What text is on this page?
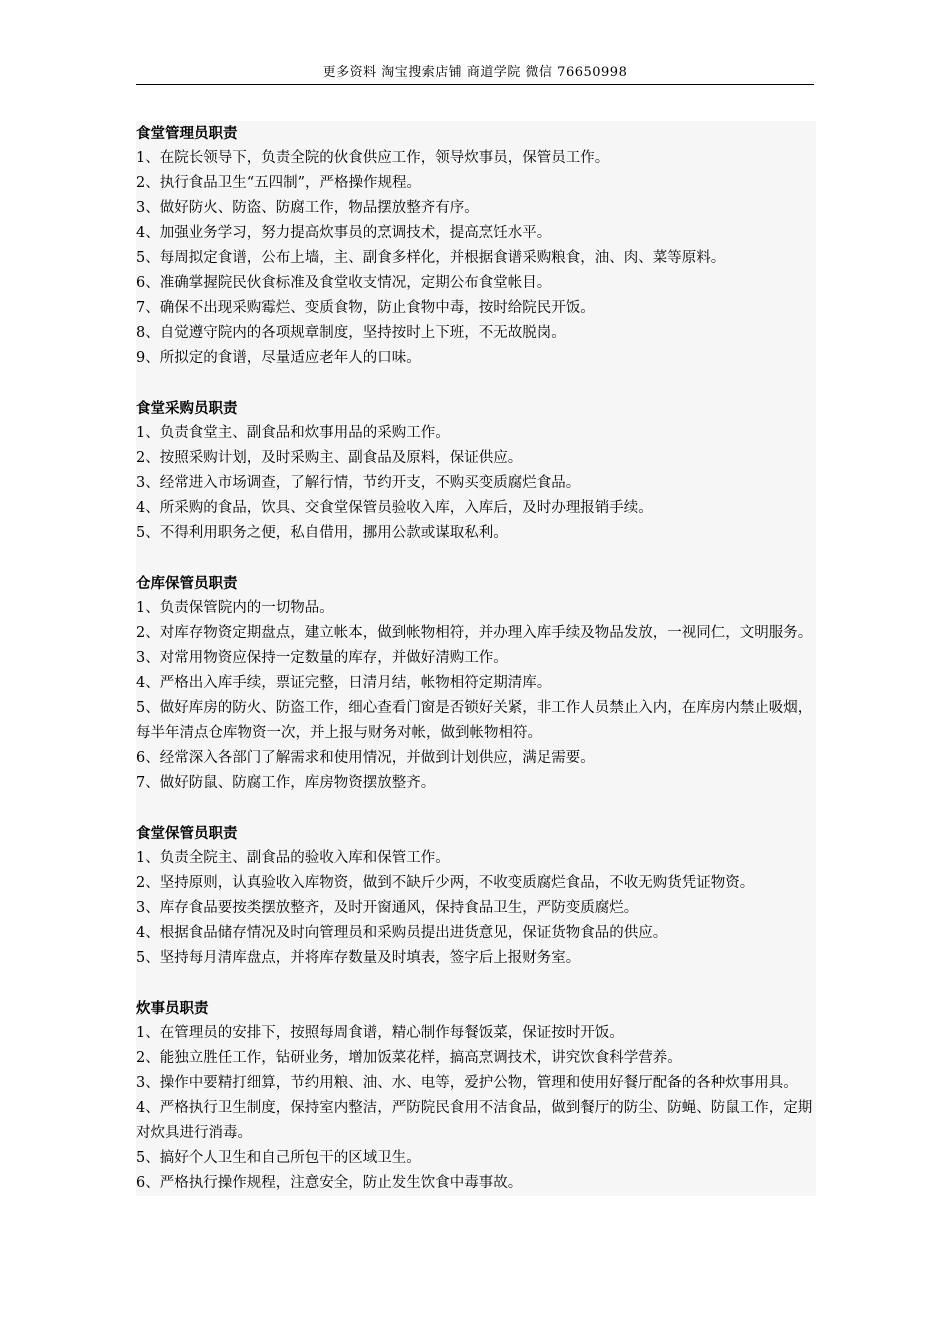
更多资料 淘宝搜索店铺 商道学院 微信 76650998
食堂管理员职责
1、在院长领导下，负责全院的伙食供应工作，领导炊事员，保管员工作。
2、执行食品卫生“五四制”，严格操作规程。
3、做好防火、防盗、防腐工作，物品摆放整齐有序。
4、加强业务学习，努力提高炊事员的烹调技术，提高烹饪水平。
5、每周拟定食谱，公布上墙，主、副食多样化，并根据食谱采购粮食，油、肉、菜等原料。
6、准确掌握院民伙食标准及食堂收支情况，定期公布食堂帐目。
7、确保不出现采购霉烂、变质食物，防止食物中毒，按时给院民开饭。
8、自觉遵守院内的各项规章制度，坚持按时上下班，不无故脱岗。
9、所拟定的食谱，尽量适应老年人的口味。
食堂采购员职责
1、负责食堂主、副食品和炊事用品的采购工作。
2、按照采购计划，及时采购主、副食品及原料，保证供应。
3、经常进入市场调查，了解行情，节约开支，不购买变质腐烂食品。
4、所采购的食品，饮具、交食堂保管员验收入库，入库后，及时办理报销手续。
5、不得利用职务之便，私自借用，挪用公款或谋取私利。
仓库保管员职责
1、负责保管院内的一切物品。
2、对库存物资定期盘点，建立帐本，做到帐物相符，并办理入库手续及物品发放，一视同仁，文明服务。
3、对常用物资应保持一定数量的库存，并做好清购工作。
4、严格出入库手续，票证完整，日清月结，帐物相符定期清库。
5、做好库房的防火、防盗工作，细心查看门窗是否锁好关紧，非工作人员禁止入内，在库房内禁止吸烟，每半年清点仓库物资一次，并上报与财务对帐，做到帐物相符。
6、经常深入各部门了解需求和使用情况，并做到计划供应，满足需要。
7、做好防鼠、防腐工作，库房物资摆放整齐。
食堂保管员职责
1、负责全院主、副食品的验收入库和保管工作。
2、坚持原则，认真验收入库物资，做到不缺斤少两，不收变质腐烂食品，不收无购货凭证物资。
3、库存食品要按类摆放整齐，及时开窗通风，保持食品卫生，严防变质腐烂。
4、根据食品储存情况及时向管理员和采购员提出进货意见，保证货物食品的供应。
5、坚持每月清库盘点，并将库存数量及时填表，签字后上报财务室。
炊事员职责
1、在管理员的安排下，按照每周食谱，精心制作每餐饭菜，保证按时开饭。
2、能独立胜任工作，钻研业务，增加饭菜花样，搞高烹调技术，讲究饮食科学营养。
3、操作中要精打细算，节约用粮、油、水、电等，爱护公物，管理和使用好餐厅配备的各种炊事用具。
4、严格执行卫生制度，保持室内整洁，严防院民食用不洁食品，做到餐厅的防尘、防蝇、防鼠工作，定期对炊具进行消毒。
5、搞好个人卫生和自己所包干的区域卫生。
6、严格执行操作规程，注意安全，防止发生饮食中毒事故。
